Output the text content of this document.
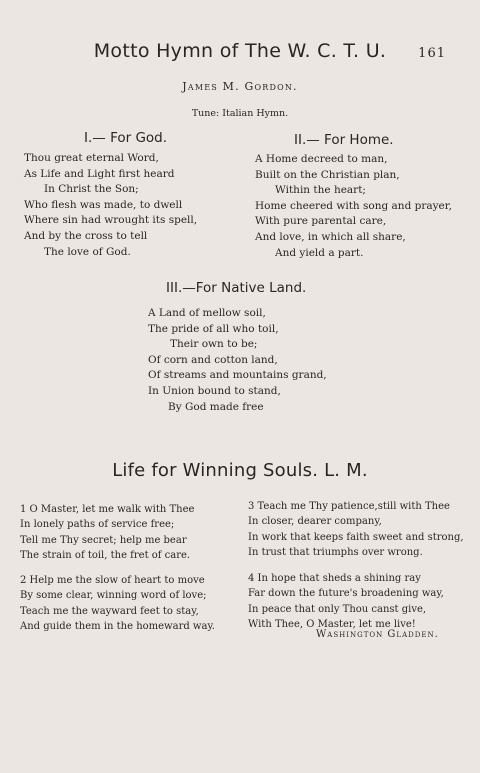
161
Motto Hymn of The W. C. T. U.
James M. Gordon.
Tune: Italian Hymn.
I.— For God.
Thou great eternal Word,
As Life and Light first heard
In Christ the Son;
Who flesh was made, to dwell
Where sin had wrought its spell,
And by the cross to tell
The love of God.
II.— For Home.
A Home decreed to man,
Built on the Christian plan,
Within the heart;
Home cheered with song and prayer,
With pure parental care,
And love, in which all share,
And yield a part.
III.—For Native Land.
A Land of mellow soil,
The pride of all who toil,
Their own to be;
Of corn and cotton land,
Of streams and mountains grand,
In Union bound to stand,
By God made free
Life for Winning Souls. L. M.
1 O Master, let me walk with Thee
In lonely paths of service free;
Tell me Thy secret; help me bear
The strain of toil, the fret of care.
2 Help me the slow of heart to move
By some clear, winning word of love;
Teach me the wayward feet to stay,
And guide them in the homeward way.
3 Teach me Thy patience,still with Thee
In closer, dearer company,
In work that keeps faith sweet and strong,
In trust that triumphs over wrong.
4 In hope that sheds a shining ray
Far down the future's broadening way,
In peace that only Thou canst give,
With Thee, O Master, let me live!
Washington Gladden.
